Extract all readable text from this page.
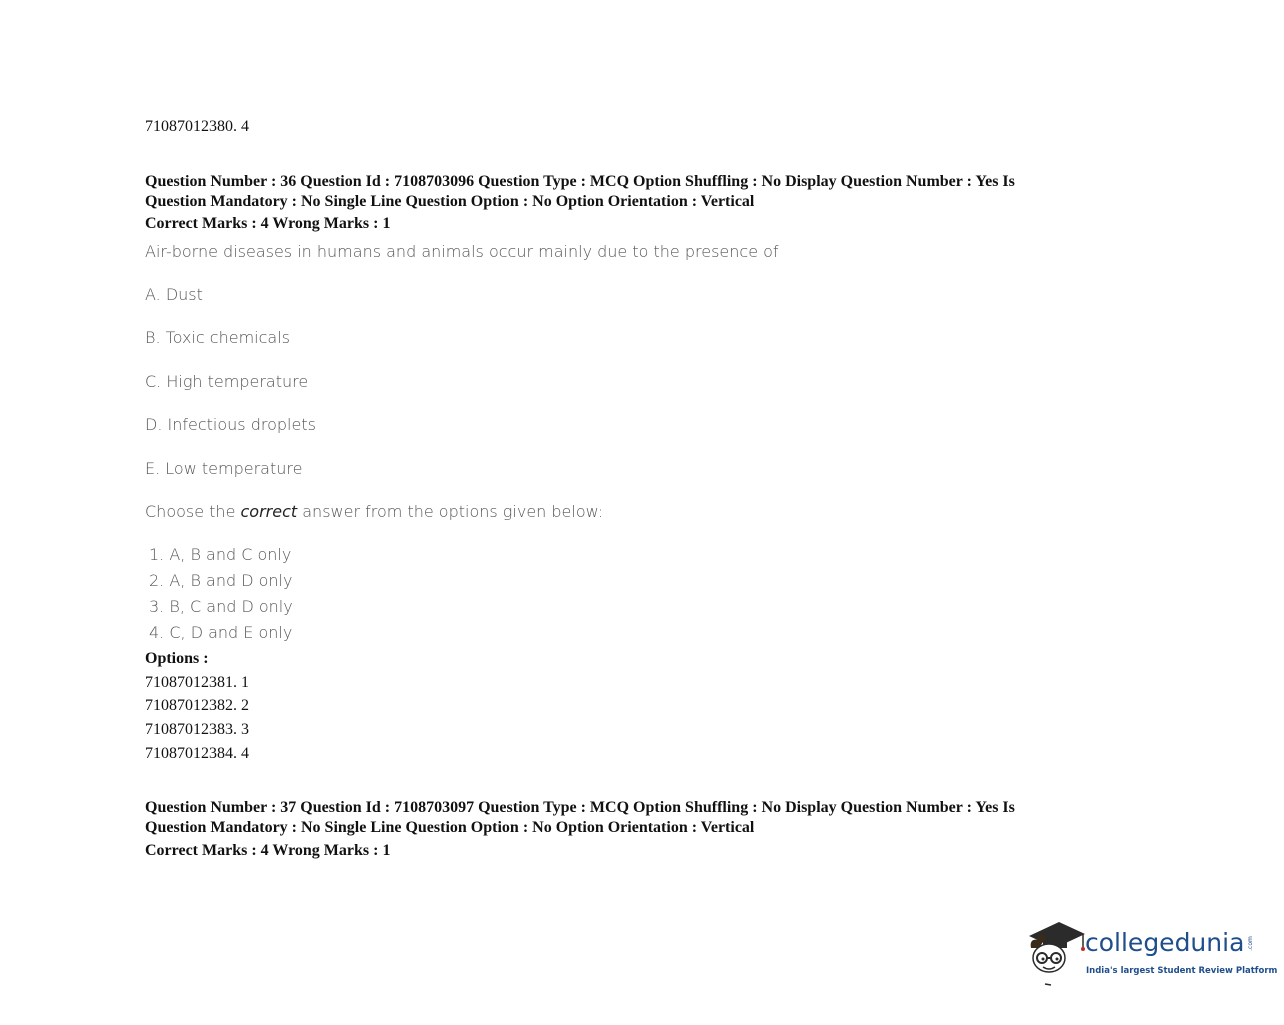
71087012380. 4
Question Number : 36 Question Id : 7108703096 Question Type : MCQ Option Shuffling : No Display Question Number : Yes Is
Question Mandatory : No Single Line Question Option : No Option Orientation : Vertical
Correct Marks : 4 Wrong Marks : 1
Air-borne diseases in humans and animals occur mainly due to the presence of
A. Dust
B. Toxic chemicals
C. High temperature
D. Infectious droplets
E. Low temperature
Choose the correct answer from the options given below:
1. A, B and C only
2. A, B and D only
3. B, C and D only
4. C, D and E only
Options :
71087012381. 1
71087012382. 2
71087012383. 3
71087012384. 4
Question Number : 37 Question Id : 7108703097 Question Type : MCQ Option Shuffling : No Display Question Number : Yes Is
Question Mandatory : No Single Line Question Option : No Option Orientation : Vertical
Correct Marks : 4 Wrong Marks : 1
collegedunia .com
India's largest Student Review Platform
